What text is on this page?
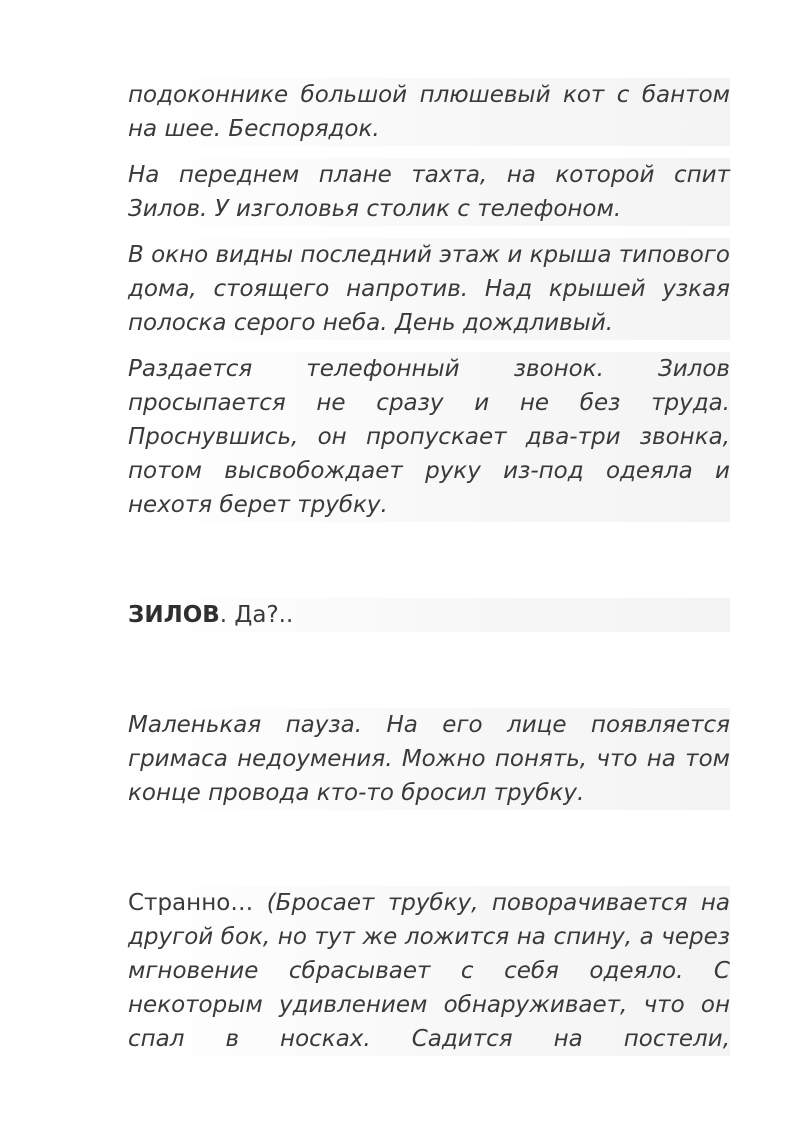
подоконнике большой плюшевый кот с бантом на шее. Беспорядок.
На переднем плане тахта, на которой спит Зилов. У изголовья столик с телефоном.
В окно видны последний этаж и крыша типового дома, стоящего напротив. Над крышей узкая полоска серого неба. День дождливый.
Раздается телефонный звонок. Зилов просыпается не сразу и не без труда. Проснувшись, он пропускает два-три звонка, потом высвобождает руку из-под одеяла и нехотя берет трубку.
ЗИЛОВ. Да?..
Маленькая пауза. На его лице появляется гримаса недоумения. Можно понять, что на том конце провода кто-то бросил трубку.
Странно… (Бросает трубку, поворачивается на другой бок, но тут же ложится на спину, а через мгновение сбрасывает с себя одеяло. С некоторым удивлением обнаруживает, что он спал в носках. Садится на постели,
